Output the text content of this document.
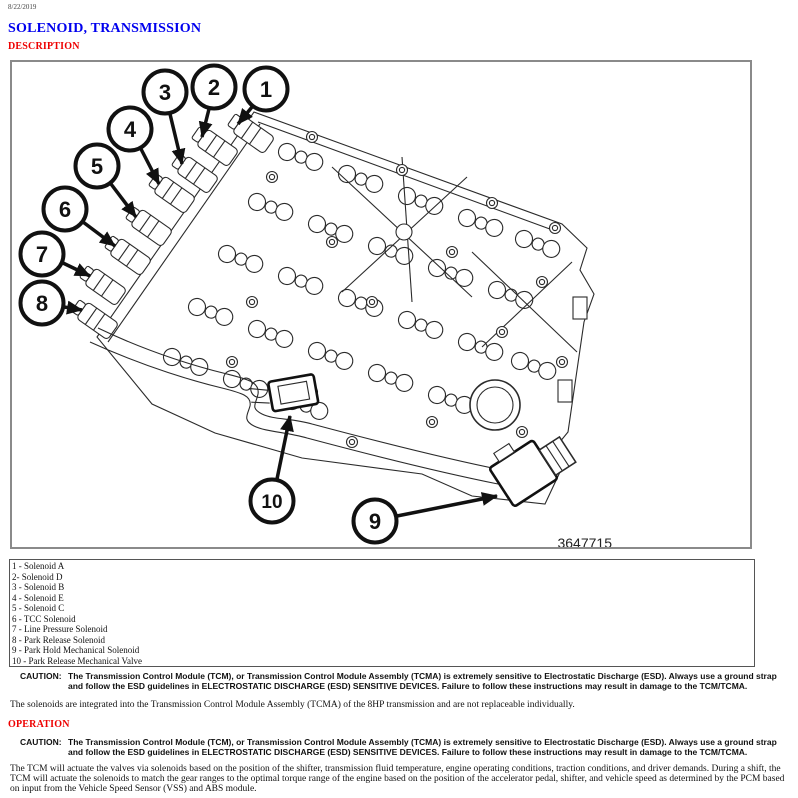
8/22/2019
SOLENOID, TRANSMISSION
DESCRIPTION
1
2
3
4
5
6
7
8
9
10
3647715
1 - Solenoid A
2- Solenoid D
3 - Solenoid B
4 - Solenoid E
5 - Solenoid C
6 - TCC Solenoid
7 - Line Pressure Solenoid
8 - Park Release Solenoid
9 - Park Hold Mechanical Solenoid
10 - Park Release Mechanical Valve
CAUTION: The Transmission Control Module (TCM), or Transmission Control Module Assembly (TCMA) is extremely sensitive to Electrostatic Discharge (ESD). Always use a ground strap and follow the ESD guidelines in ELECTROSTATIC DISCHARGE (ESD) SENSITIVE DEVICES. Failure to follow these instructions may result in damage to the TCM/TCMA.
The solenoids are integrated into the Transmission Control Module Assembly (TCMA) of the 8HP transmission and are not replaceable individually.
OPERATION
CAUTION: The Transmission Control Module (TCM), or Transmission Control Module Assembly (TCMA) is extremely sensitive to Electrostatic Discharge (ESD). Always use a ground strap and follow the ESD guidelines in ELECTROSTATIC DISCHARGE (ESD) SENSITIVE DEVICES. Failure to follow these instructions may result in damage to the TCM/TCMA.
The TCM will actuate the valves via solenoids based on the position of the shifter, transmission fluid temperature, engine operating conditions, traction conditions, and driver demands. During a shift, the TCM will actuate the solenoids to match the gear ranges to the optimal torque range of the engine based on the position of the accelerator pedal, shifter, and vehicle speed as determined by the PCM based on input from the Vehicle Speed Sensor (VSS) and ABS module.
